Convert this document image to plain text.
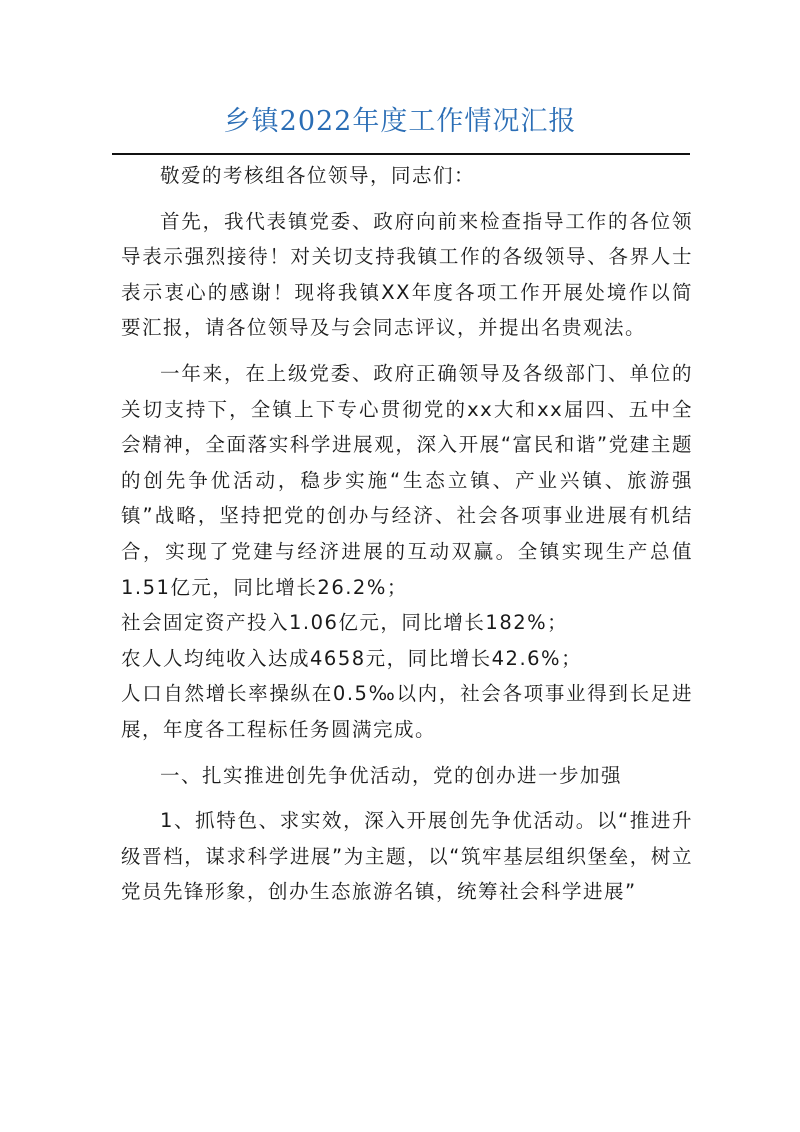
乡镇2022年度工作情况汇报

敬爱的考核组各位领导，同志们：

首先，我代表镇党委、政府向前来检查指导工作的各位领导表示强烈接待！对关切支持我镇工作的各级领导、各界人士表示衷心的感谢！现将我镇XX年度各项工作开展处境作以简要汇报，请各位领导及与会同志评议，并提出名贵观法。

一年来，在上级党委、政府正确领导及各级部门、单位的关切支持下，全镇上下专心贯彻党的xx大和xx届四、五中全会精神，全面落实科学进展观，深入开展“富民和谐”党建主题的创先争优活动，稳步实施“生态立镇、产业兴镇、旅游强镇”战略，坚持把党的创办与经济、社会各项事业进展有机结合，实现了党建与经济进展的互动双赢。全镇实现生产总值1.51亿元，同比增长26.2%；

社会固定资产投入1.06亿元，同比增长182%；

农人人均纯收入达成4658元，同比增长42.6%；

人口自然增长率操纵在0.5‰以内，社会各项事业得到长足进展，年度各工程标任务圆满完成。

一、扎实推进创先争优活动，党的创办进一步加强

1、抓特色、求实效，深入开展创先争优活动。以“推进升级晋档，谋求科学进展”为主题，以“筑牢基层组织堡垒，树立党员先锋形象，创办生态旅游名镇，统筹社会科学进展”
